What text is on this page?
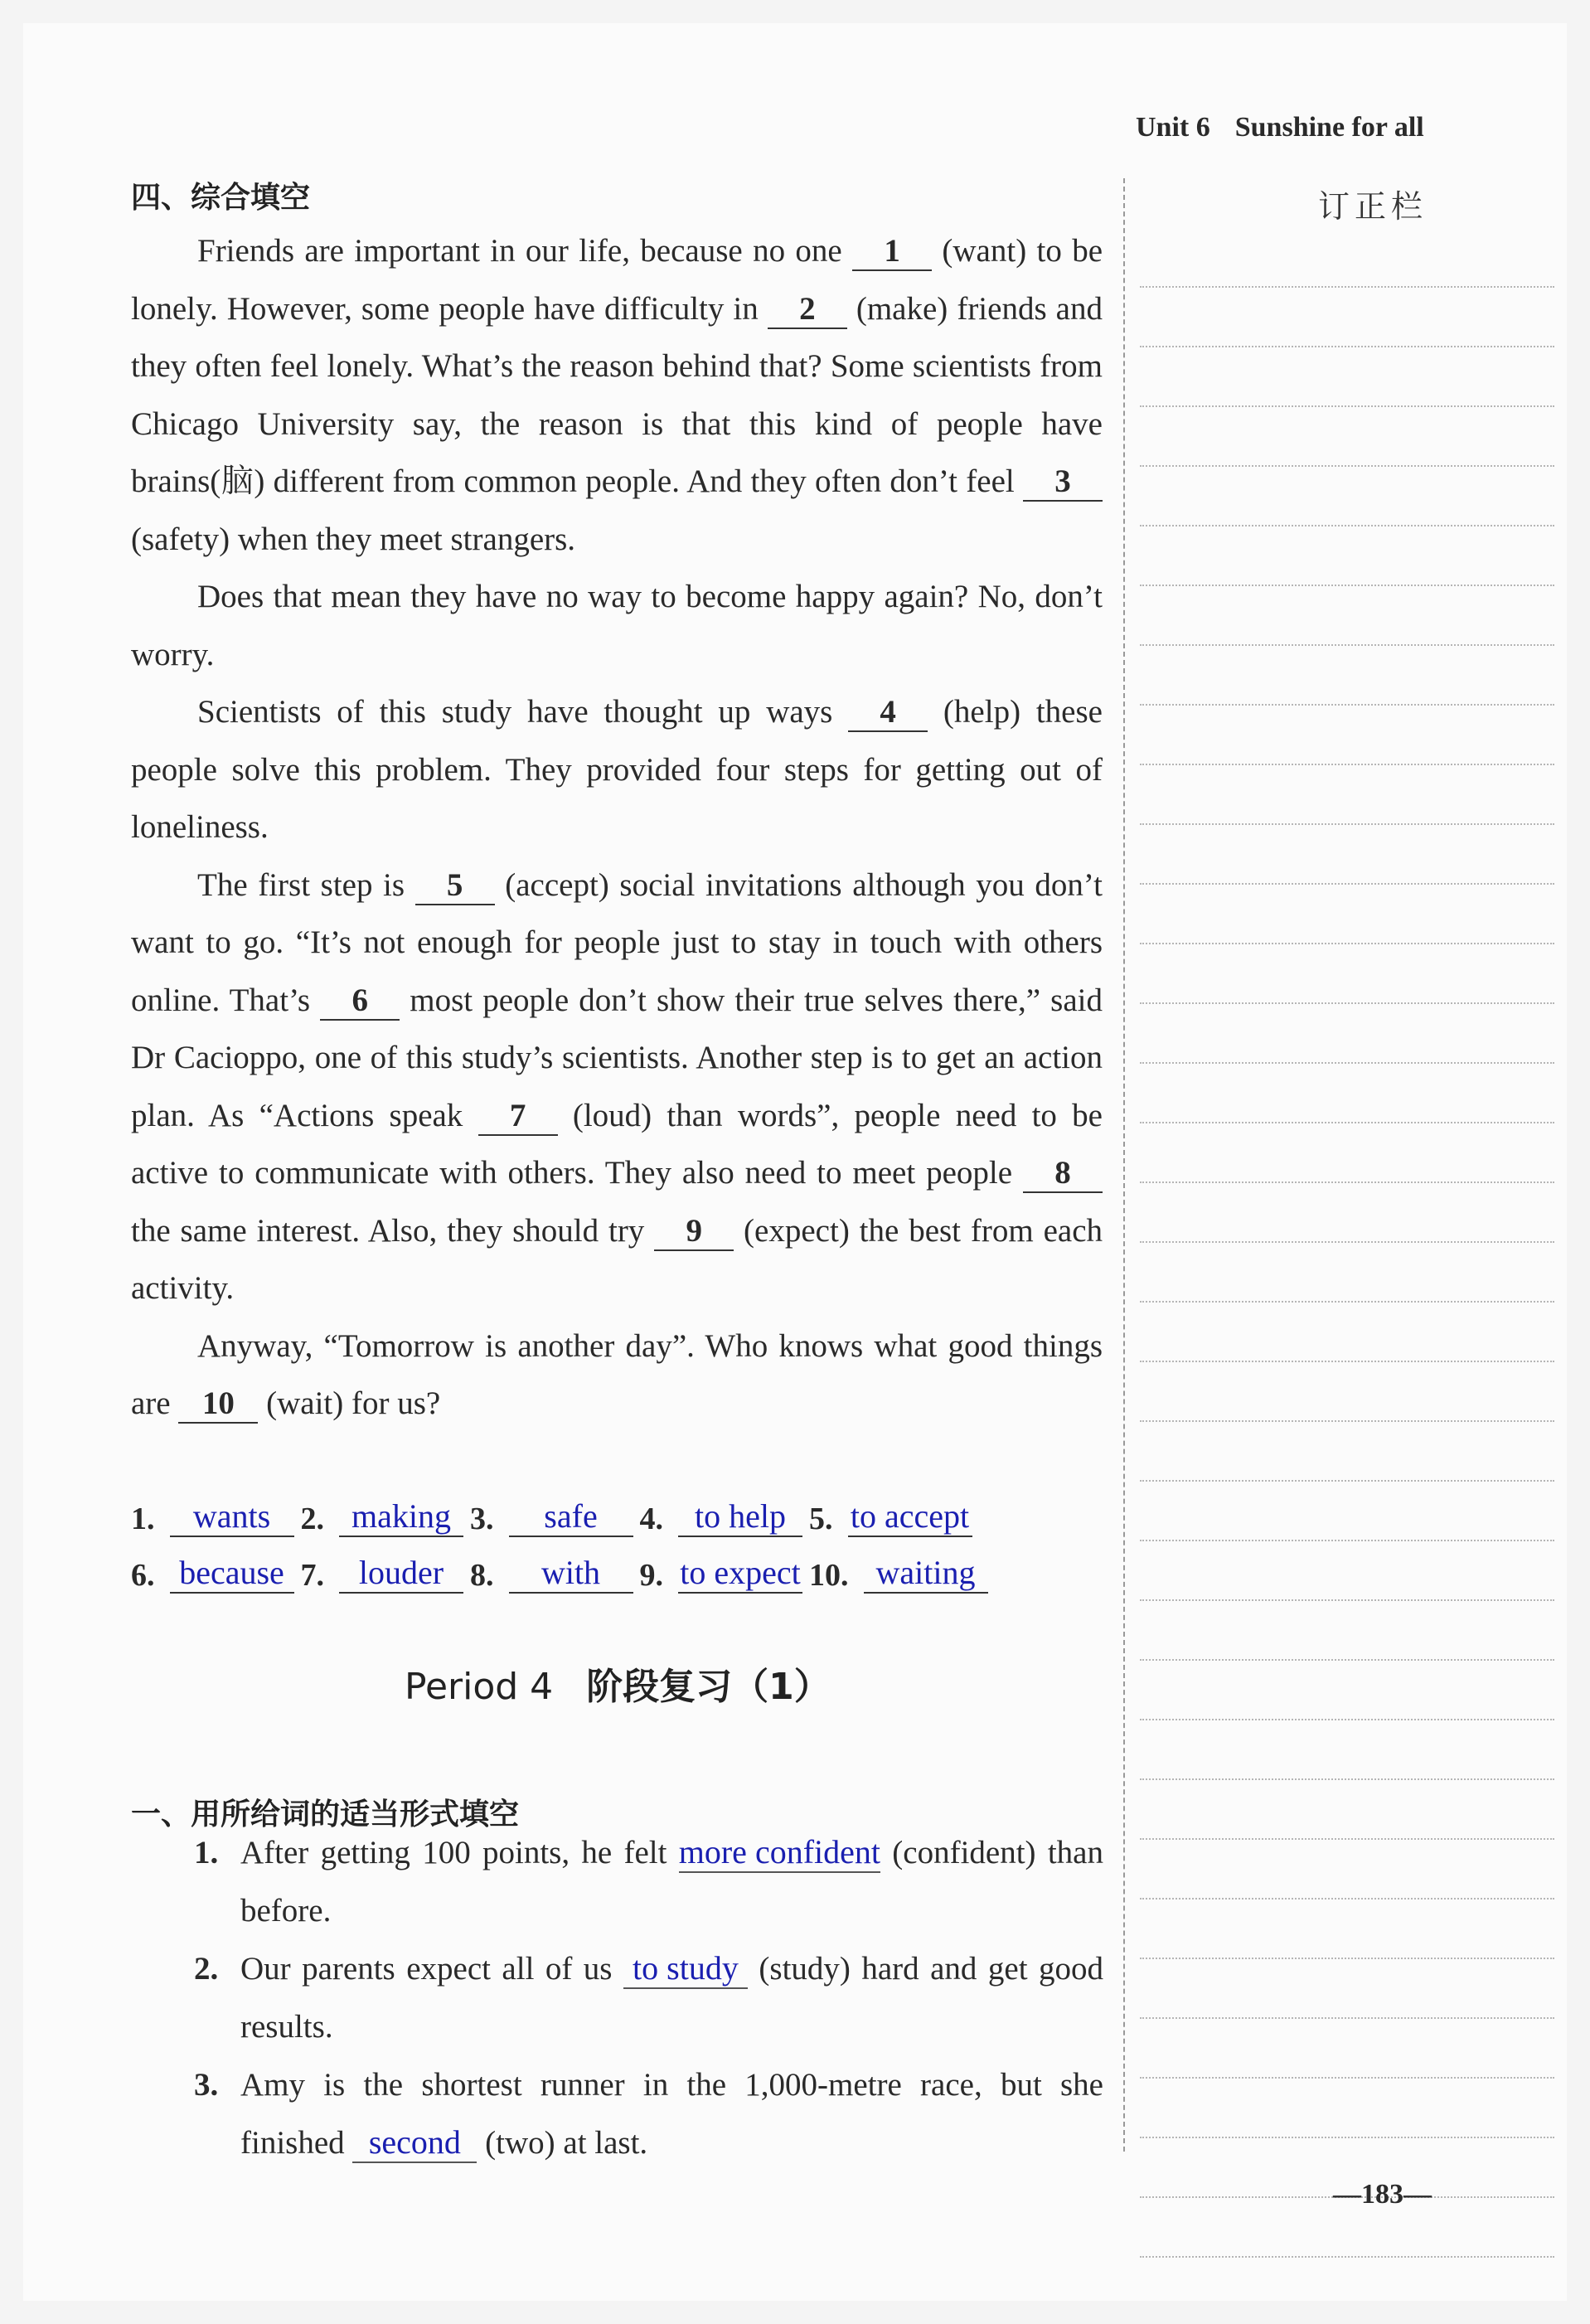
Unit 6 Sunshine for all
订正栏
四、综合填空

Friends are important in our life, because no one 1 (want) to be lonely. However, some people have difficulty in 2 (make) friends and they often feel lonely. What’s the reason behind that? Some scientists from Chicago University say, the reason is that this kind of people have brains(脑) different from common people. And they often don’t feel 3 (safety) when they meet strangers.

Does that mean they have no way to become happy again? No, don’t worry.

Scientists of this study have thought up ways 4 (help) these people solve this problem. They provided four steps for getting out of loneliness.

The first step is 5 (accept) social invitations although you don’t want to go. “It’s not enough for people just to stay in touch with others online. That’s 6 most people don’t show their true selves there,” said Dr Cacioppo, one of this study’s scientists. Another step is to get an action plan. As “Actions speak 7 (loud) than words”, people need to be active to communicate with others. They also need to meet people 8 the same interest. Also, they should try 9 (expect) the best from each activity.

Anyway, “Tomorrow is another day”. Who knows what good things are 10 (wait) for us?

1.	wants 2. making 3.	safe	4. to help 5. to accept
6. because 7.	louder 8.	with	9. to expect 10. waiting
Period 4 阶段复习（1）
一、用所给词的适当形式填空
1. After getting 100 points, he felt more confident (confident) than before.
2. Our parents expect all of us to study (study) hard and get good results.
3. Amy is the shortest runner in the 1,000-metre race, but she finished second (two) at last.
—183—
